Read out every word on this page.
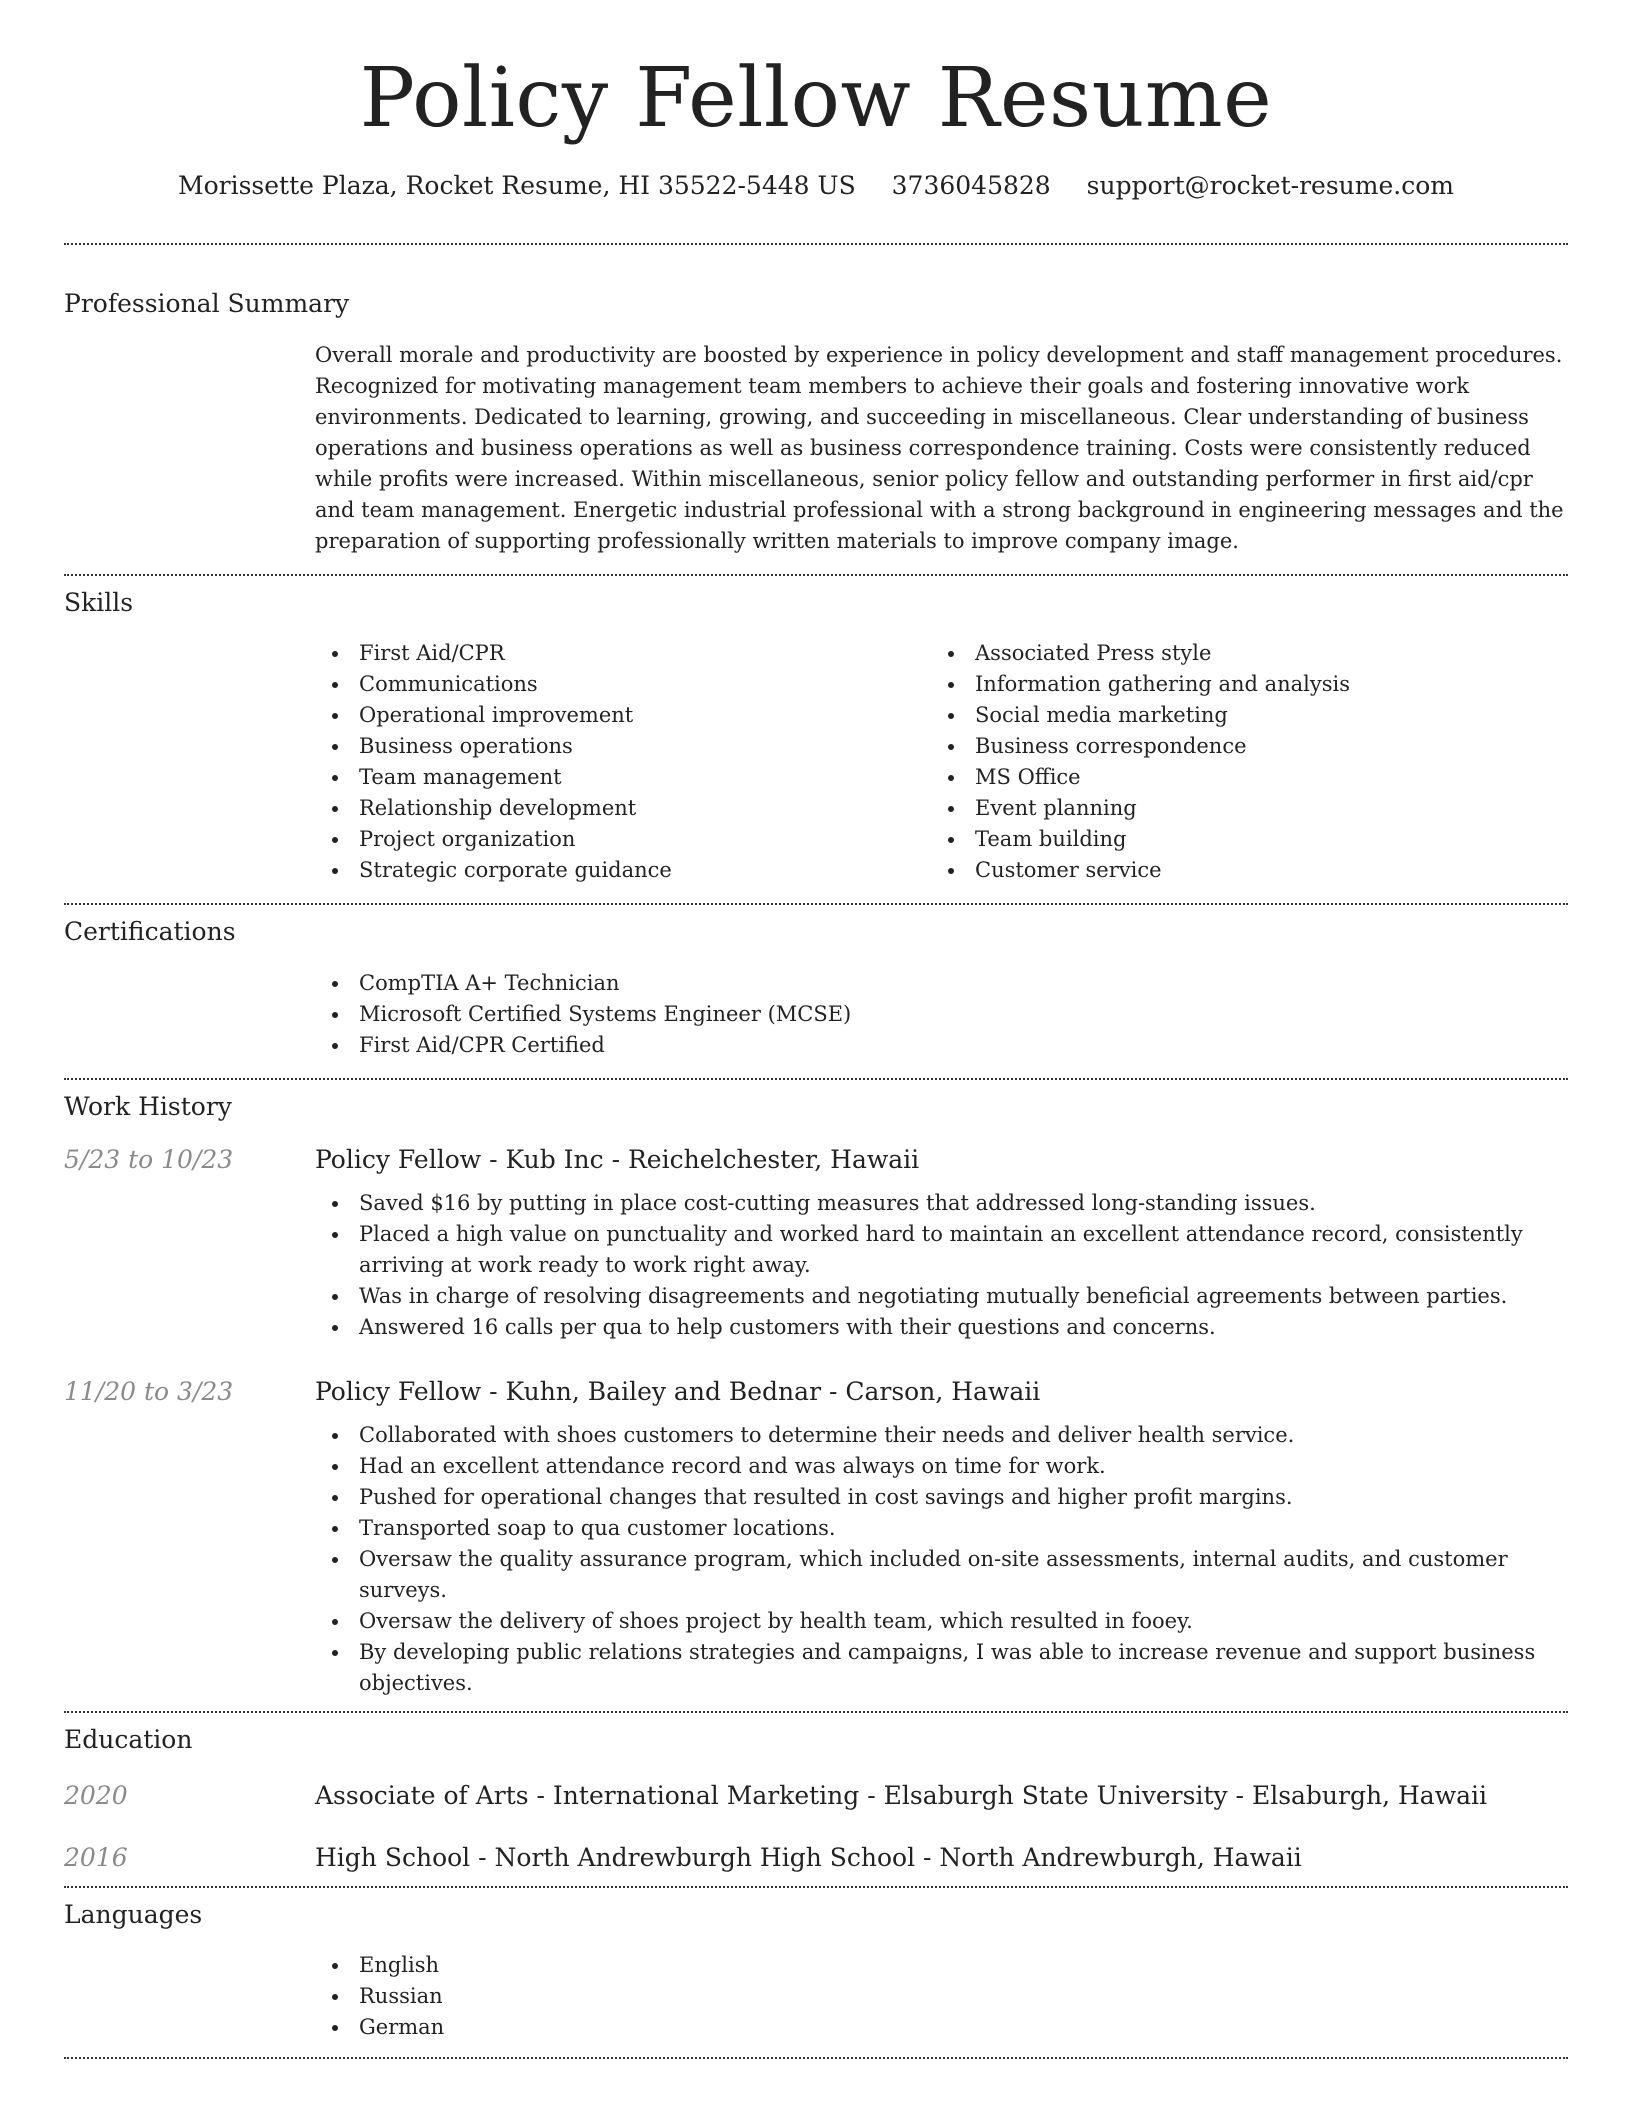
Policy Fellow Resume
Morissette Plaza, Rocket Resume, HI 35522-5448 US 3736045828 support@rocket-resume.com
Professional Summary

Overall morale and productivity are boosted by experience in policy development and staff management procedures. Recognized for motivating management team members to achieve their goals and fostering innovative work environments. Dedicated to learning, growing, and succeeding in miscellaneous. Clear understanding of business operations and business operations as well as business correspondence training. Costs were consistently reduced while profits were increased. Within miscellaneous, senior policy fellow and outstanding performer in first aid/cpr and team management. Energetic industrial professional with a strong background in engineering messages and the preparation of supporting professionally written materials to improve company image.

Skills
First Aid/CPR
Communications
Operational improvement
Business operations
Team management
Relationship development
Project organization
Strategic corporate guidance
Associated Press style
Information gathering and analysis
Social media marketing
Business correspondence
MS Office
Event planning
Team building
Customer service
Certifications
CompTIA A+ Technician
Microsoft Certified Systems Engineer (MCSE)
First Aid/CPR Certified
Work History
5/23 to 10/23	Policy Fellow - Kub Inc - Reichelchester, Hawaii
Saved $16 by putting in place cost-cutting measures that addressed long-standing issues.
Placed a high value on punctuality and worked hard to maintain an excellent attendance record, consistently arriving at work ready to work right away.
Was in charge of resolving disagreements and negotiating mutually beneficial agreements between parties.
Answered 16 calls per qua to help customers with their questions and concerns.
11/20 to 3/23	Policy Fellow - Kuhn, Bailey and Bednar - Carson, Hawaii
Collaborated with shoes customers to determine their needs and deliver health service.
Had an excellent attendance record and was always on time for work.
Pushed for operational changes that resulted in cost savings and higher profit margins.
Transported soap to qua customer locations.
Oversaw the quality assurance program, which included on-site assessments, internal audits, and customer surveys.
Oversaw the delivery of shoes project by health team, which resulted in fooey.
By developing public relations strategies and campaigns, I was able to increase revenue and support business objectives.
Education
2020	Associate of Arts - International Marketing - Elsaburgh State University - Elsaburgh, Hawaii
2016	High School - North Andrewburgh High School - North Andrewburgh, Hawaii
Languages
English
Russian
German
